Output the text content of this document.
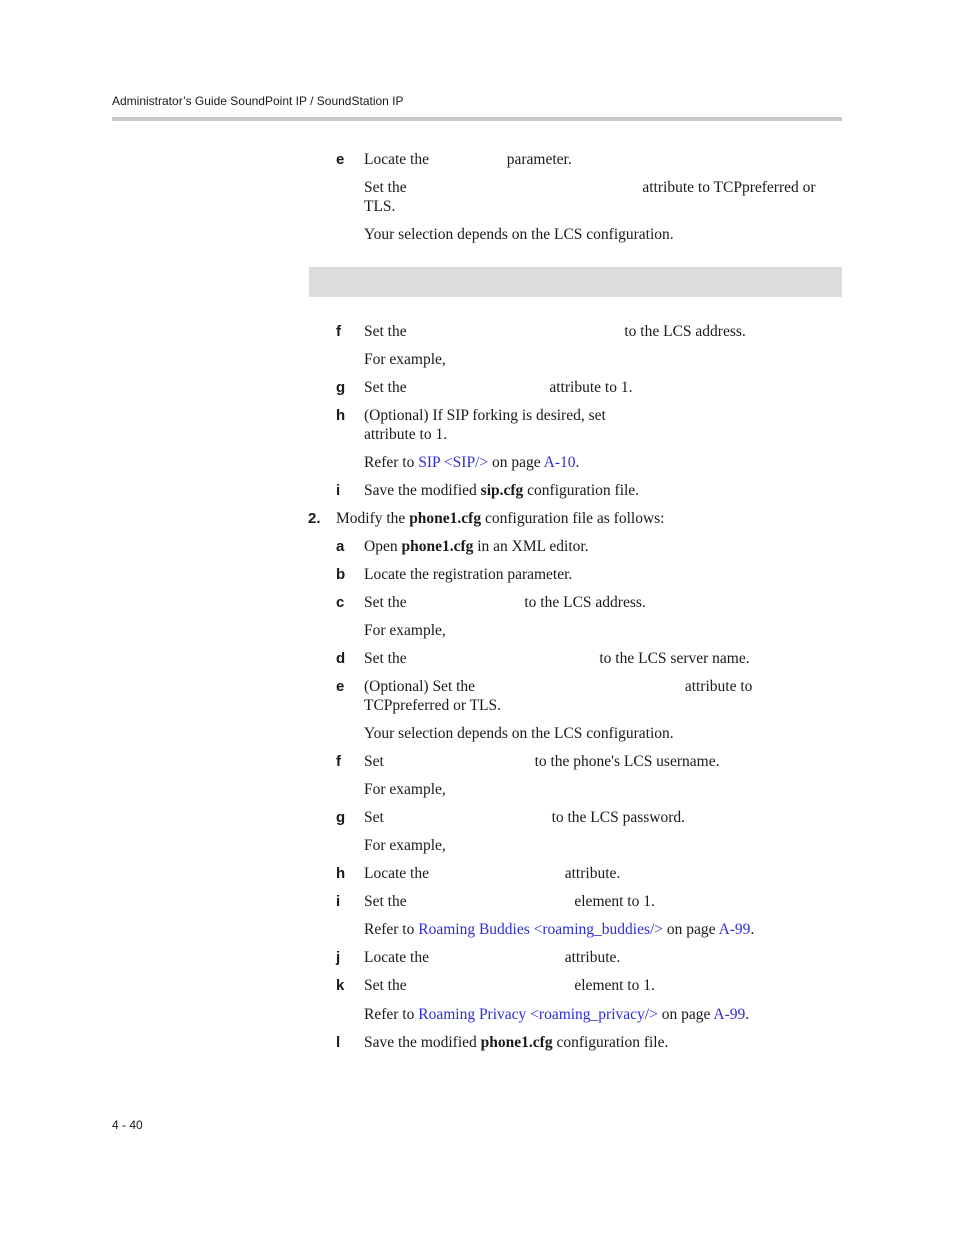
Administrator’s Guide SoundPoint IP / SoundStation IP
e Locate the	parameter.
Set the	attribute to TCPpreferred or
TLS.
Your selection depends on the LCS configuration.
f Set the	to the LCS address.
For example,
g Set the	attribute to 1.
h (Optional) If SIP forking is desired, set
attribute to 1.
Refer to SIP <SIP/> on page A-10.
i Save the modified sip.cfg configuration file.
2. Modify the phone1.cfg configuration file as follows:
a Open phone1.cfg in an XML editor.
b Locate the registration parameter.
c Set the	to the LCS address.
For example,
d Set the	to the LCS server name.
e (Optional) Set the	attribute to
TCPpreferred or TLS.
Your selection depends on the LCS configuration.
f Set	to the phone's LCS username.
For example,
g Set	to the LCS password.
For example,
h Locate the	attribute.
i Set the	element to 1.
Refer to Roaming Buddies <roaming_buddies/> on page A-99.
j Locate the	attribute.
k Set the	element to 1.
Refer to Roaming Privacy <roaming_privacy/> on page A-99.
l Save the modified phone1.cfg configuration file.
4 - 40
